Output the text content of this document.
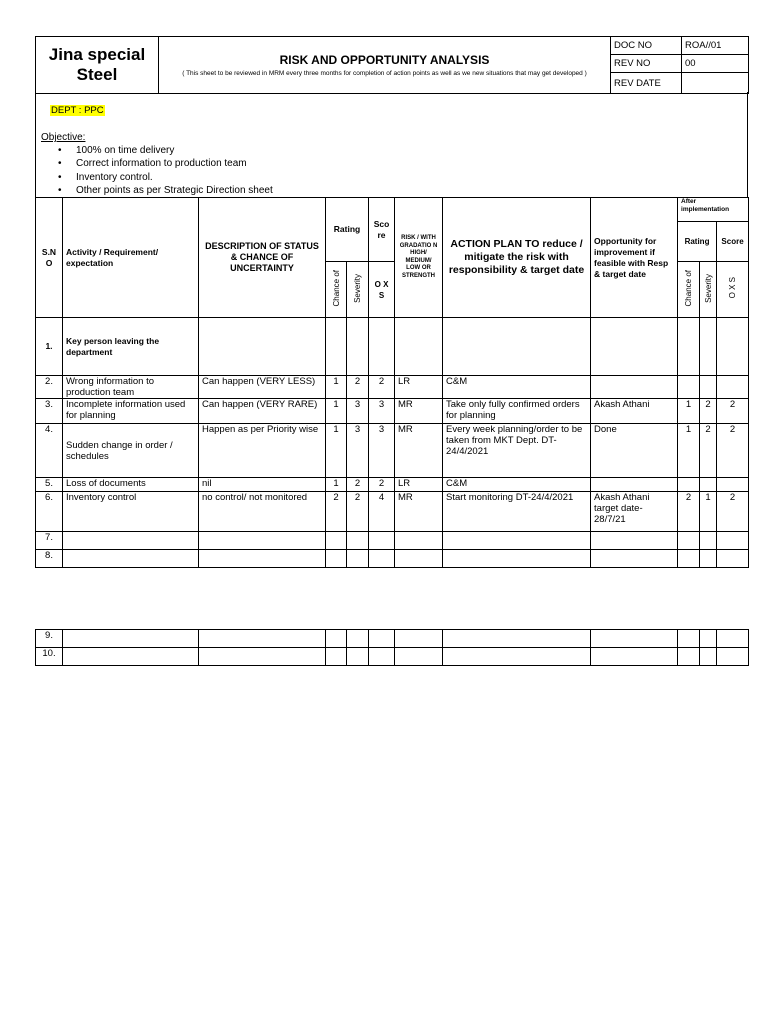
Jina special Steel	RISK AND OPPORTUNITY ANALYSIS
( This sheet to be reviewed in MRM every three months for completion of action points as well as we new situations that may get developed )	DOC NO	ROA//01
		REV NO	00
		REV DATE	
DEPT : PPC
Objective:
• 100% on time delivery
• Correct information to production team
• Inventory control.
• Other points as per Strategic Direction sheet
S.N O	Activity / Requirement/ expectation	DESCRIPTION OF STATUS & CHANCE OF UNCERTAINTY	Rating		Sco re	RISK / WITH GRADATIO N HIGH/ MEDIUM/ LOW OR STRENGTH	ACTION PLAN TO reduce / mitigate the risk with responsibility & target date	Opportunity for improvement if feasible with Resp & target date	After implementation		
									Rating		Score
			Chance of	Severity	O X S				Chance of	Severity	O X S
1.	Key person leaving the department										
2.	Wrong information to production team	Can happen (VERY LESS)	1	2	2	LR	C&M				
3.	Incomplete information used for planning	Can happen (VERY RARE)	1	3	3	MR	Take only fully confirmed orders for planning	Akash Athani	1	2	2
4.	Sudden change in order / schedules	Happen as per Priority wise	1	3	3	MR	Every week planning/order to be taken from MKT Dept. DT- 24/4/2021	Done	1	2	2
5.	Loss of documents	nil	1	2	2	LR	C&M				
6.	Inventory control	no control/ not monitored	2	2	4	MR	Start monitoring DT-24/4/2021	Akash Athani target date- 28/7/21	2	1	2
7.											
8.											
9.											
10.											
